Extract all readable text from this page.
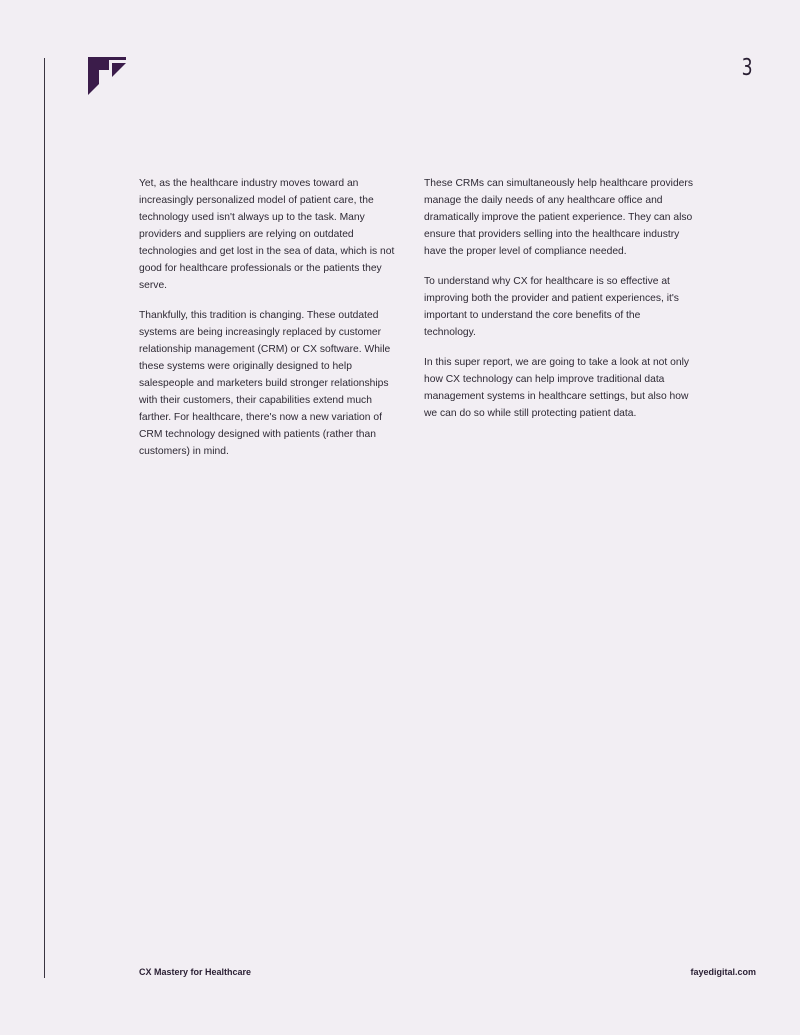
3

Yet, as the healthcare industry moves toward an increasingly personalized model of patient care, the technology used isn't always up to the task. Many providers and suppliers are relying on outdated technologies and get lost in the sea of data, which is not good for healthcare professionals or the patients they serve.

Thankfully, this tradition is changing. These outdated systems are being increasingly replaced by customer relationship management (CRM) or CX software. While these systems were originally designed to help salespeople and marketers build stronger relationships with their customers, their capabilities extend much farther. For healthcare, there's now a new variation of CRM technology designed with patients (rather than customers) in mind.

These CRMs can simultaneously help healthcare providers manage the daily needs of any healthcare office and dramatically improve the patient experience. They can also ensure that providers selling into the healthcare industry have the proper level of compliance needed.

To understand why CX for healthcare is so effective at improving both the provider and patient experiences, it's important to understand the core benefits of the technology.

In this super report, we are going to take a look at not only how CX technology can help improve traditional data management systems in healthcare settings, but also how we can do so while still protecting patient data.

CX Mastery for Healthcare	fayedigital.com
